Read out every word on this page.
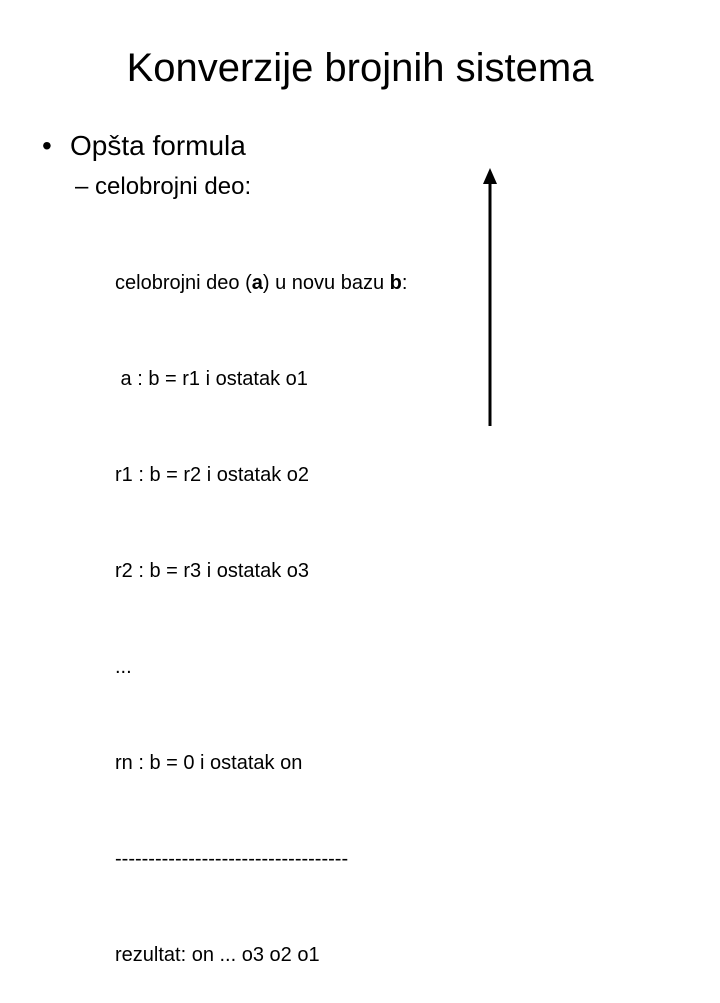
Konverzije brojnih sistema
• Opšta formula
– celobrojni deo:

celobrojni deo (a) u novu bazu b:

a : b = r1 i ostatak o1

r1 : b = r2 i ostatak o2

r2 : b = r3 i ostatak o3

...

rn : b = 0 i ostatak on

-----------------------------------

rezultat: on ... o3 o2 o1
